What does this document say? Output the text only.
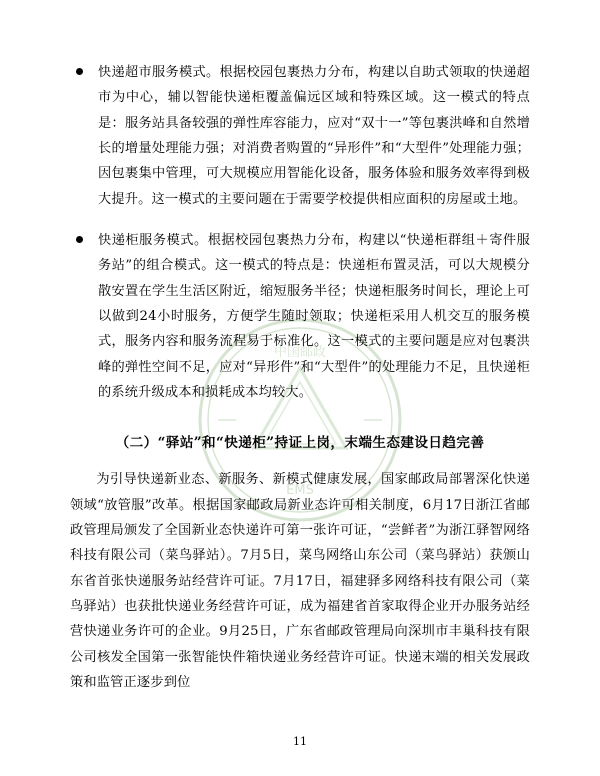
中国邮政
EMS

快递超市服务模式。根据校园包裹热力分布，构建以自助式领取的快递超市为中心，辅以智能快递柜覆盖偏远区域和特殊区域。这一模式的特点是：服务站具备较强的弹性库容能力，应对“双十一”等包裹洪峰和自然增长的增量处理能力强；对消费者购置的“异形件”和“大型件”处理能力强；因包裹集中管理，可大规模应用智能化设备，服务体验和服务效率得到极大提升。这一模式的主要问题在于需要学校提供相应面积的房屋或土地。

快递柜服务模式。根据校园包裹热力分布，构建以“快递柜群组＋寄件服务站”的组合模式。这一模式的特点是：快递柜布置灵活，可以大规模分散安置在学生生活区附近，缩短服务半径；快递柜服务时间长，理论上可以做到24小时服务，方便学生随时领取；快递柜采用人机交互的服务模式，服务内容和服务流程易于标准化。这一模式的主要问题是应对包裹洪峰的弹性空间不足，应对“异形件”和“大型件”的处理能力不足，且快递柜的系统升级成本和损耗成本均较大。

（二）“驿站”和“快递柜”持证上岗，末端生态建设日趋完善

为引导快递新业态、新服务、新模式健康发展，国家邮政局部署深化快递领域“放管服”改革。根据国家邮政局新业态许可相关制度，6月17日浙江省邮政管理局颁发了全国新业态快递许可第一张许可证，“尝鲜者”为浙江驿智网络科技有限公司（菜鸟驿站）。7月5日，菜鸟网络山东公司（菜鸟驿站）获颁山东省首张快递服务站经营许可证。7月17日，福建驿多网络科技有限公司（菜鸟驿站）也获批快递业务经营许可证，成为福建省首家取得企业开办服务站经营快递业务许可的企业。9月25日，广东省邮政管理局向深圳市丰巢科技有限公司核发全国第一张智能快件箱快递业务经营许可证。快递末端的相关发展政策和监管正逐步到位

11
